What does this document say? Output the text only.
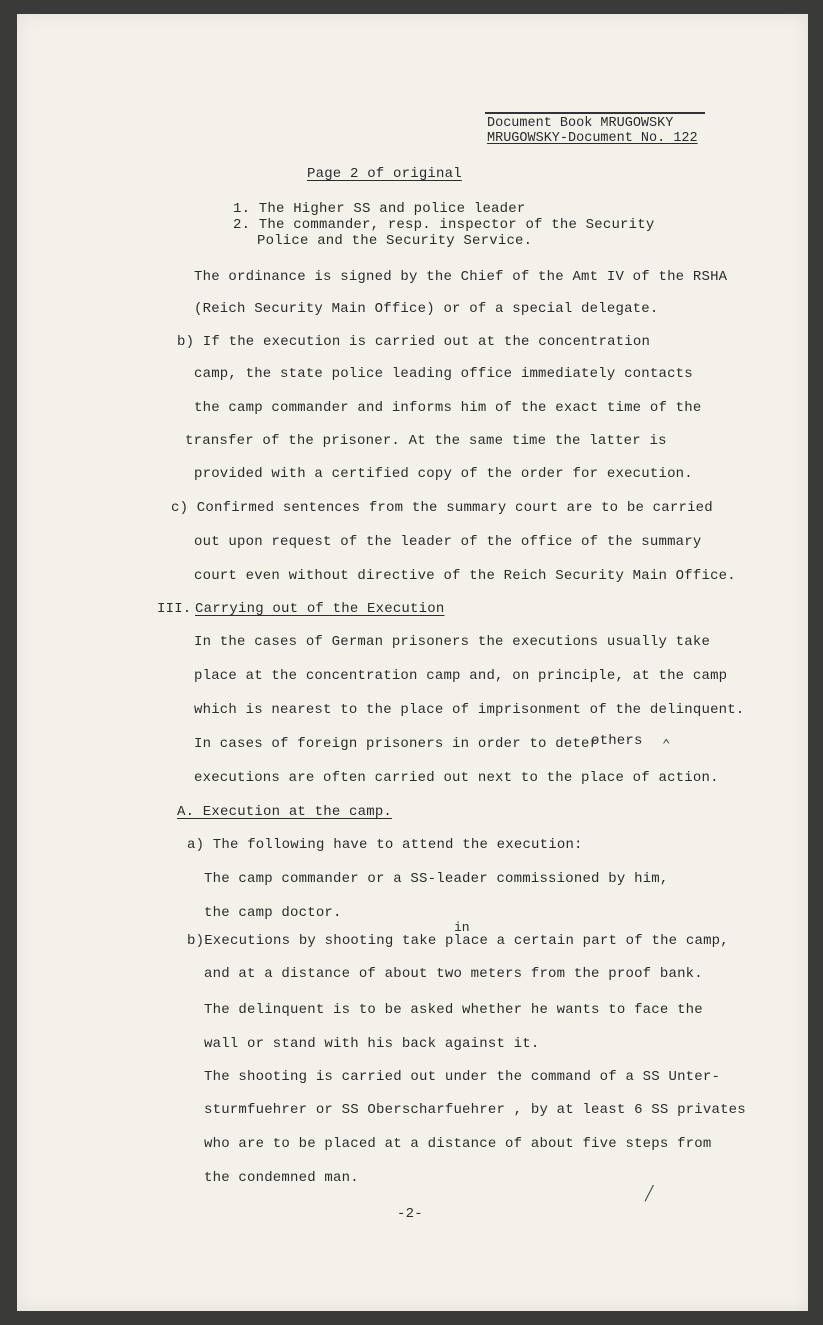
Document Book MRUGOWSKY
MRUGOWSKY-Document No. 122
Page 2 of original
1. The Higher SS and police leader
2. The commander, resp. inspector of the Security
Police and the Security Service.
The ordinance is signed by the Chief of the Amt IV of the RSHA
(Reich Security Main Office) or of a special delegate.
b) If the execution is carried out at the concentration
camp, the state police leading office immediately contacts
the camp commander and informs him of the exact time of the
transfer of the prisoner. At the same time the latter is
provided with a certified copy of the order for execution.
c) Confirmed sentences from the summary court are to be carried
out upon request of the leader of the office of the summary
court even without directive of the Reich Security Main Office.
III. Carrying out of the Execution
In the cases of German prisoners the executions usually take
place at the concentration camp and, on principle, at the camp
which is nearest to the place of imprisonment of the delinquent.
In cases of foreign prisoners in order to deter
others ⌃
executions are often carried out next to the place of action.
A. Execution at the camp.
a) The following have to attend the execution:
The camp commander or a SS-leader commissioned by him,
the camp doctor.
in
b)Executions by shooting take place a certain part of the camp,
and at a distance of about two meters from the proof bank.
The delinquent is to be asked whether he wants to face the
wall or stand with his back against it.
The shooting is carried out under the command of a SS Unter-
sturmfuehrer or SS Oberscharfuehrer , by at least 6 SS privates
who are to be placed at a distance of about five steps from
the condemned man.
╱
-2-
